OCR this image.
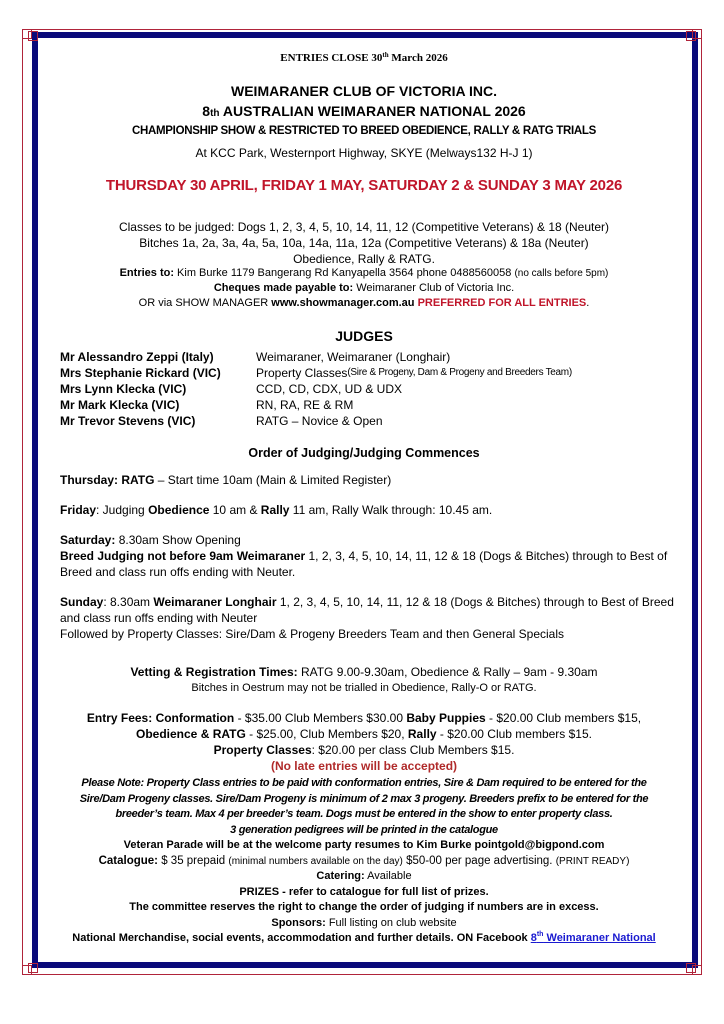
ENTRIES CLOSE 30th March 2026
WEIMARANER CLUB OF VICTORIA INC.
8th AUSTRALIAN WEIMARANER NATIONAL 2026
CHAMPIONSHIP SHOW & RESTRICTED TO BREED OBEDIENCE, RALLY & RATG TRIALS
At KCC Park, Westernport Highway, SKYE (Melways132 H-J 1)
THURSDAY 30 APRIL, FRIDAY 1 MAY, SATURDAY 2 & SUNDAY 3 MAY 2026
Classes to be judged: Dogs 1, 2, 3, 4, 5, 10, 14, 11, 12 (Competitive Veterans) & 18 (Neuter)
Bitches 1a, 2a, 3a, 4a, 5a, 10a, 14a, 11a, 12a (Competitive Veterans) & 18a (Neuter)
Obedience, Rally & RATG.
Entries to: Kim Burke 1179 Bangerang Rd Kanyapella 3564 phone 0488560058 (no calls before 5pm)
Cheques made payable to: Weimaraner Club of Victoria Inc.
OR via SHOW MANAGER www.showmanager.com.au PREFERRED FOR ALL ENTRIES.
JUDGES
Mr Alessandro Zeppi (Italy)	Weimaraner, Weimaraner (Longhair)
Mrs Stephanie Rickard (VIC)	Property Classes (Sire & Progeny, Dam & Progeny and Breeders Team)
Mrs Lynn Klecka (VIC)	CCD, CD, CDX, UD & UDX
Mr Mark Klecka (VIC)	RN, RA, RE & RM
Mr Trevor Stevens (VIC)	RATG – Novice & Open
Order of Judging/Judging Commences

Thursday: RATG – Start time 10am (Main & Limited Register)

Friday: Judging Obedience 10 am & Rally 11 am, Rally Walk through: 10.45 am.

Saturday: 8.30am Show Opening
Breed Judging not before 9am Weimaraner 1, 2, 3, 4, 5, 10, 14, 11, 12 & 18 (Dogs & Bitches) through to Best of Breed and class run offs ending with Neuter.

Sunday: 8.30am Weimaraner Longhair 1, 2, 3, 4, 5, 10, 14, 11, 12 & 18 (Dogs & Bitches) through to Best of Breed and class run offs ending with Neuter
Followed by Property Classes: Sire/Dam & Progeny Breeders Team and then General Specials

Vetting & Registration Times: RATG 9.00-9.30am, Obedience & Rally – 9am - 9.30am
Bitches in Oestrum may not be trialled in Obedience, Rally-O or RATG.
Entry Fees: Conformation - $35.00 Club Members $30.00 Baby Puppies - $20.00 Club members $15,
Obedience & RATG - $25.00, Club Members $20, Rally - $20.00 Club members $15.
Property Classes: $20.00 per class Club Members $15.
(No late entries will be accepted)
Please Note: Property Class entries to be paid with conformation entries, Sire & Dam required to be entered for the
Sire/Dam Progeny classes. Sire/Dam Progeny is minimum of 2 max 3 progeny. Breeders prefix to be entered for the
breeder’s team. Max 4 per breeder’s team. Dogs must be entered in the show to enter property class.
3 generation pedigrees will be printed in the catalogue
Veteran Parade will be at the welcome party resumes to Kim Burke pointgold@bigpond.com
Catalogue: $ 35 prepaid (minimal numbers available on the day) $50-00 per page advertising. (PRINT READY)
Catering: Available
PRIZES - refer to catalogue for full list of prizes.
The committee reserves the right to change the order of judging if numbers are in excess.
Sponsors: Full listing on club website
National Merchandise, social events, accommodation and further details. ON Facebook 8th Weimaraner National
